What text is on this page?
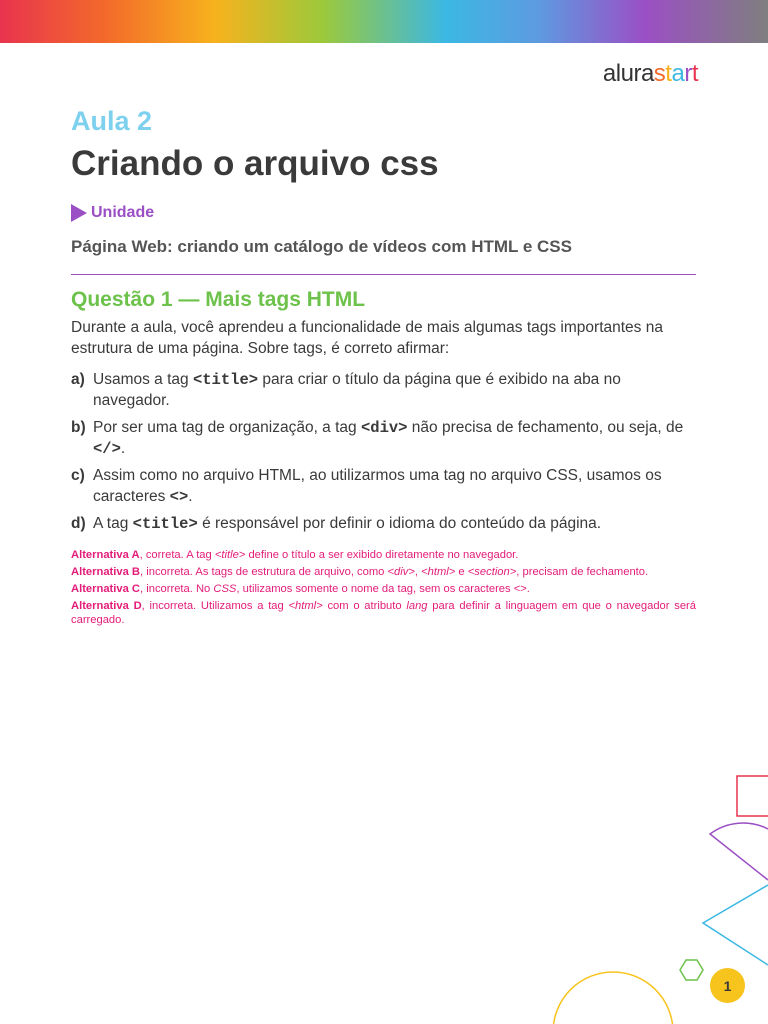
alurastart
Aula 2
Criando o arquivo css
Unidade
Página Web: criando um catálogo de vídeos com HTML e CSS
Questão 1 — Mais tags HTML
Durante a aula, você aprendeu a funcionalidade de mais algumas tags importantes na estrutura de uma página. Sobre tags, é correto afirmar:
a) Usamos a tag <title> para criar o título da página que é exibido na aba no navegador.
b) Por ser uma tag de organização, a tag <div> não precisa de fechamento, ou seja, de </>.
c) Assim como no arquivo HTML, ao utilizarmos uma tag no arquivo CSS, usamos os caracteres <>.
d) A tag <title> é responsável por definir o idioma do conteúdo da página.
Alternativa A, correta. A tag <title> define o título a ser exibido diretamente no navegador.
Alternativa B, incorreta. As tags de estrutura de arquivo, como <div>, <html> e <section>, precisam de fechamento.
Alternativa C, incorreta. No CSS, utilizamos somente o nome da tag, sem os caracteres <>.
Alternativa D, incorreta. Utilizamos a tag <html> com o atributo lang para definir a linguagem em que o navegador será carregado.
1
